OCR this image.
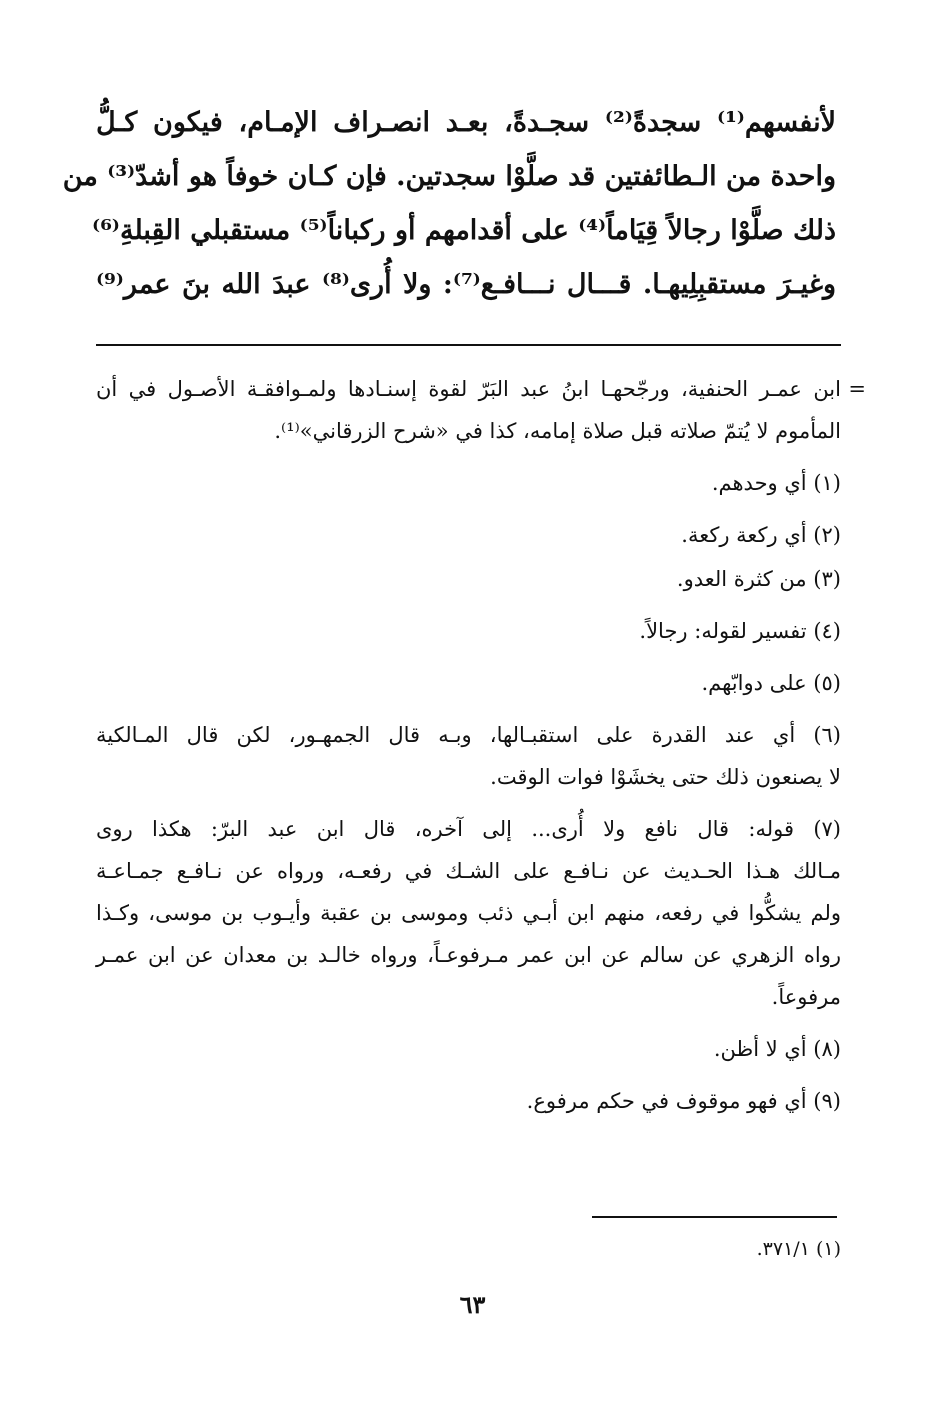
لأنفسهم⁽¹⁾ سجدةً⁽²⁾ سجـدةً، بعـد انصـراف الإمـام، فيكون كـلُّ

واحدة من الـطائفتين قد صلَّوْا سجدتين. فإن كـان خوفاً هو أشدّ⁽³⁾ من

ذلك صلَّوْا رجالاً قِيَاماً⁽⁴⁾ على أقدامهم أو ركباناً⁽⁵⁾ مستقبلي القِبلةِ⁽⁶⁾

وغيـرَ مستقبِلِيهـا. قـــال نـــافـع⁽⁷⁾: ولا أُرى⁽⁸⁾ عبدَ الله بنَ عمر⁽⁹⁾

=

ابن عمـر الحنفية، ورجّحهـا ابنُ عبد البَرّ لقوة إسنـادها ولمـوافقـة الأصـول في أن

المأموم لا يُتمّ صلاته قبل صلاة إمامه، كذا في «شرح الزرقاني»⁽¹⁾.

(١) أي وحدهم.

(٢) أي ركعة ركعة.

(٣) من كثرة العدو.

(٤) تفسير لقوله: رجالاً.

(٥) على دوابّهم.

(٦) أي عند القدرة على استقبـالها، وبـه قال الجمهـور، لكن قال المـالكية

لا يصنعون ذلك حتى يخشَوْا فوات الوقت.

(٧) قوله: قال نافع ولا أُرى... إلى آخره، قال ابن عبد البرّ: هكذا روى

مـالك هـذا الحـديث عن نـافـع على الشـك في رفعـه، ورواه عن نـافـع جمـاعـة

ولم يشكُّوا في رفعه، منهم ابن أبـي ذئب وموسى بن عقبة وأيـوب بن موسى، وكـذا

رواه الزهري عن سالم عن ابن عمر مـرفوعـاً، ورواه خالـد بن معدان عن ابن عمـر

مرفوعاً.

(٨) أي لا أظن.

(٩) أي فهو موقوف في حكم مرفوع.

(١) ٣٧١/١.
٦٣
